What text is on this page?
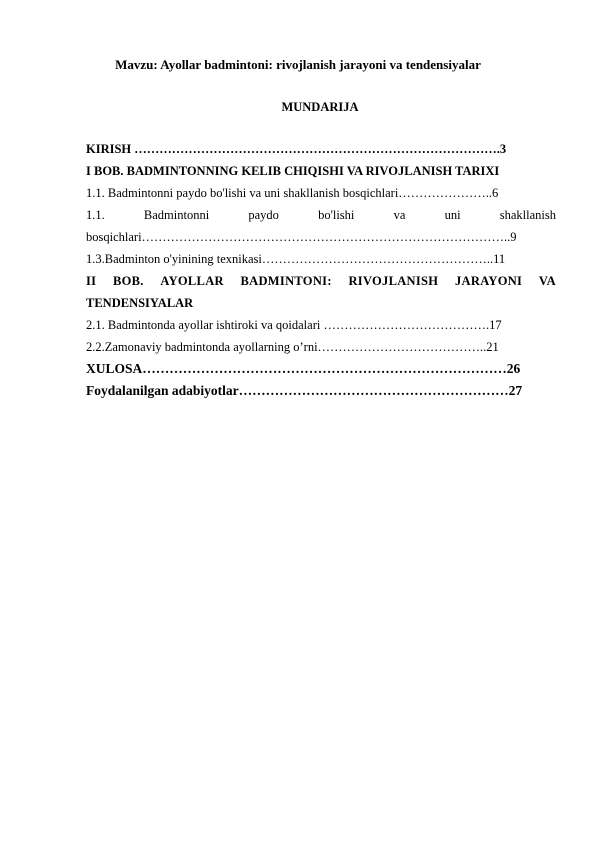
Mavzu: Ayollar badmintoni: rivojlanish jarayoni va tendensiyalar
MUNDARIJA
KIRISH …………………………………………………………………………….3
I BOB. BADMINTONNING KELIB CHIQISHI VA RIVOJLANISH TARIXI
1.1. Badmintonni paydo bo'lishi va uni shakllanish bosqichlari…………………..6
1.1.	Badmintonni	paydo	bo'lishi	va	uni	shakllanish
bosqichlari……………………………………………………………………………..9
1.3.Badminton o'yinining texnikasi………………………………………………..11
II BOB. AYOLLAR BADMINTONI: RIVOJLANISH JARAYONI VA
TENDENSIYALAR
2.1. Badmintonda ayollar ishtiroki va qoidalari ………………………………….17
2.2.Zamonaviy badmintonda ayollarning o’rni…………………………………..21
XULOSA………………………………………………………………………26
Foydalanilgan adabiyotlar……………………………………………………27
